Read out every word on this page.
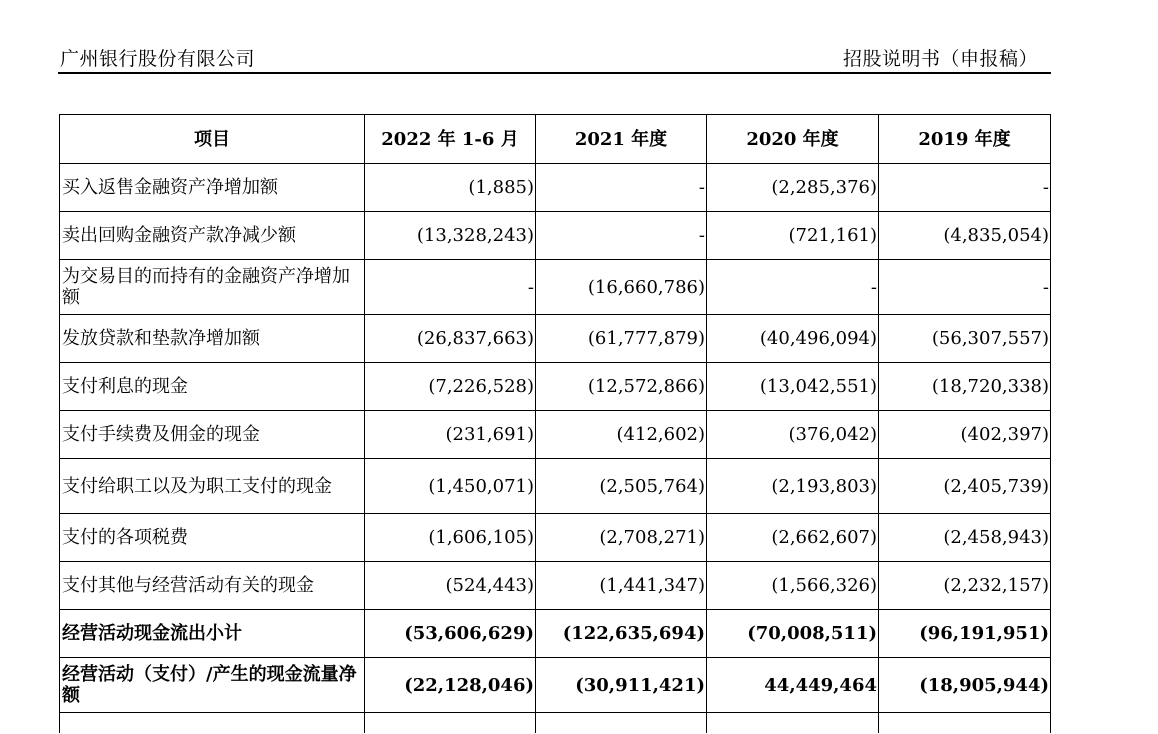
广州银行股份有限公司	招股说明书（申报稿）
项目	2022 年 1-6 月	2021 年度	2020 年度	2019 年度
买入返售金融资产净增加额	(1,885)	-	(2,285,376)	-
卖出回购金融资产款净减少额	(13,328,243)	-	(721,161)	(4,835,054)
为交易目的而持有的金融资产净增加额	-	(16,660,786)	-	-
发放贷款和垫款净增加额	(26,837,663)	(61,777,879)	(40,496,094)	(56,307,557)
支付利息的现金	(7,226,528)	(12,572,866)	(13,042,551)	(18,720,338)
支付手续费及佣金的现金	(231,691)	(412,602)	(376,042)	(402,397)
支付给职工以及为职工支付的现金	(1,450,071)	(2,505,764)	(2,193,803)	(2,405,739)
支付的各项税费	(1,606,105)	(2,708,271)	(2,662,607)	(2,458,943)
支付其他与经营活动有关的现金	(524,443)	(1,441,347)	(1,566,326)	(2,232,157)
经营活动现金流出小计	(53,606,629)	(122,635,694)	(70,008,511)	(96,191,951)
经营活动（支付）/产生的现金流量净额	(22,128,046)	(30,911,421)	44,449,464	(18,905,944)
